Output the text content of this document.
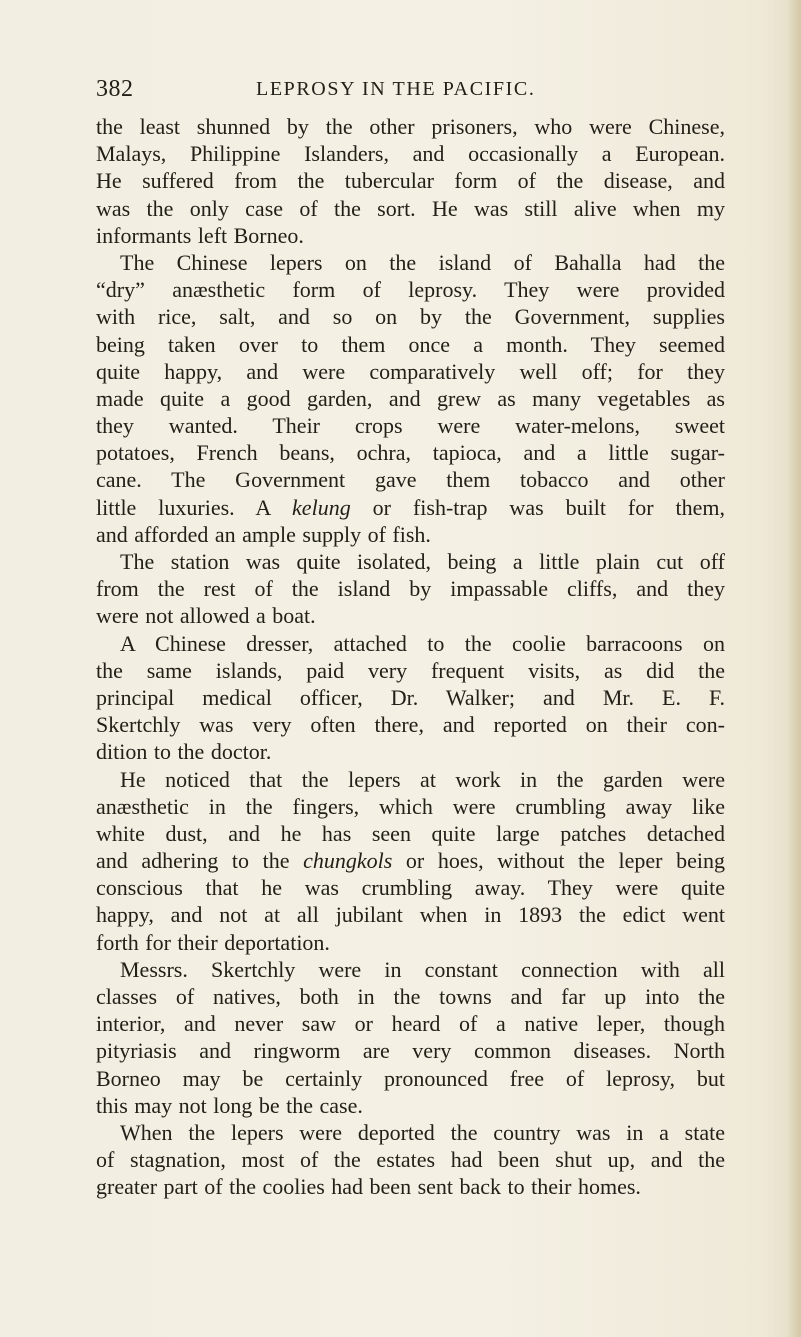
382	LEPROSY IN THE PACIFIC.
the least shunned by the other prisoners, who were Chinese,
Malays, Philippine Islanders, and occasionally a European.
He suffered from the tubercular form of the disease, and
was the only case of the sort. He was still alive when my
informants left Borneo.
The Chinese lepers on the island of Bahalla had the
“dry” anæsthetic form of leprosy. They were provided
with rice, salt, and so on by the Government, supplies
being taken over to them once a month. They seemed
quite happy, and were comparatively well off; for they
made quite a good garden, and grew as many vegetables as
they wanted. Their crops were water-melons, sweet
potatoes, French beans, ochra, tapioca, and a little sugar-
cane. The Government gave them tobacco and other
little luxuries. A kelung or fish-trap was built for them,
and afforded an ample supply of fish.
The station was quite isolated, being a little plain cut off
from the rest of the island by impassable cliffs, and they
were not allowed a boat.
A Chinese dresser, attached to the coolie barracoons on
the same islands, paid very frequent visits, as did the
principal medical officer, Dr. Walker; and Mr. E. F.
Skertchly was very often there, and reported on their con-
dition to the doctor.
He noticed that the lepers at work in the garden were
anæsthetic in the fingers, which were crumbling away like
white dust, and he has seen quite large patches detached
and adhering to the chungkols or hoes, without the leper being
conscious that he was crumbling away. They were quite
happy, and not at all jubilant when in 1893 the edict went
forth for their deportation.
Messrs. Skertchly were in constant connection with all
classes of natives, both in the towns and far up into the
interior, and never saw or heard of a native leper, though
pityriasis and ringworm are very common diseases. North
Borneo may be certainly pronounced free of leprosy, but
this may not long be the case.
When the lepers were deported the country was in a state
of stagnation, most of the estates had been shut up, and the
greater part of the coolies had been sent back to their homes.
